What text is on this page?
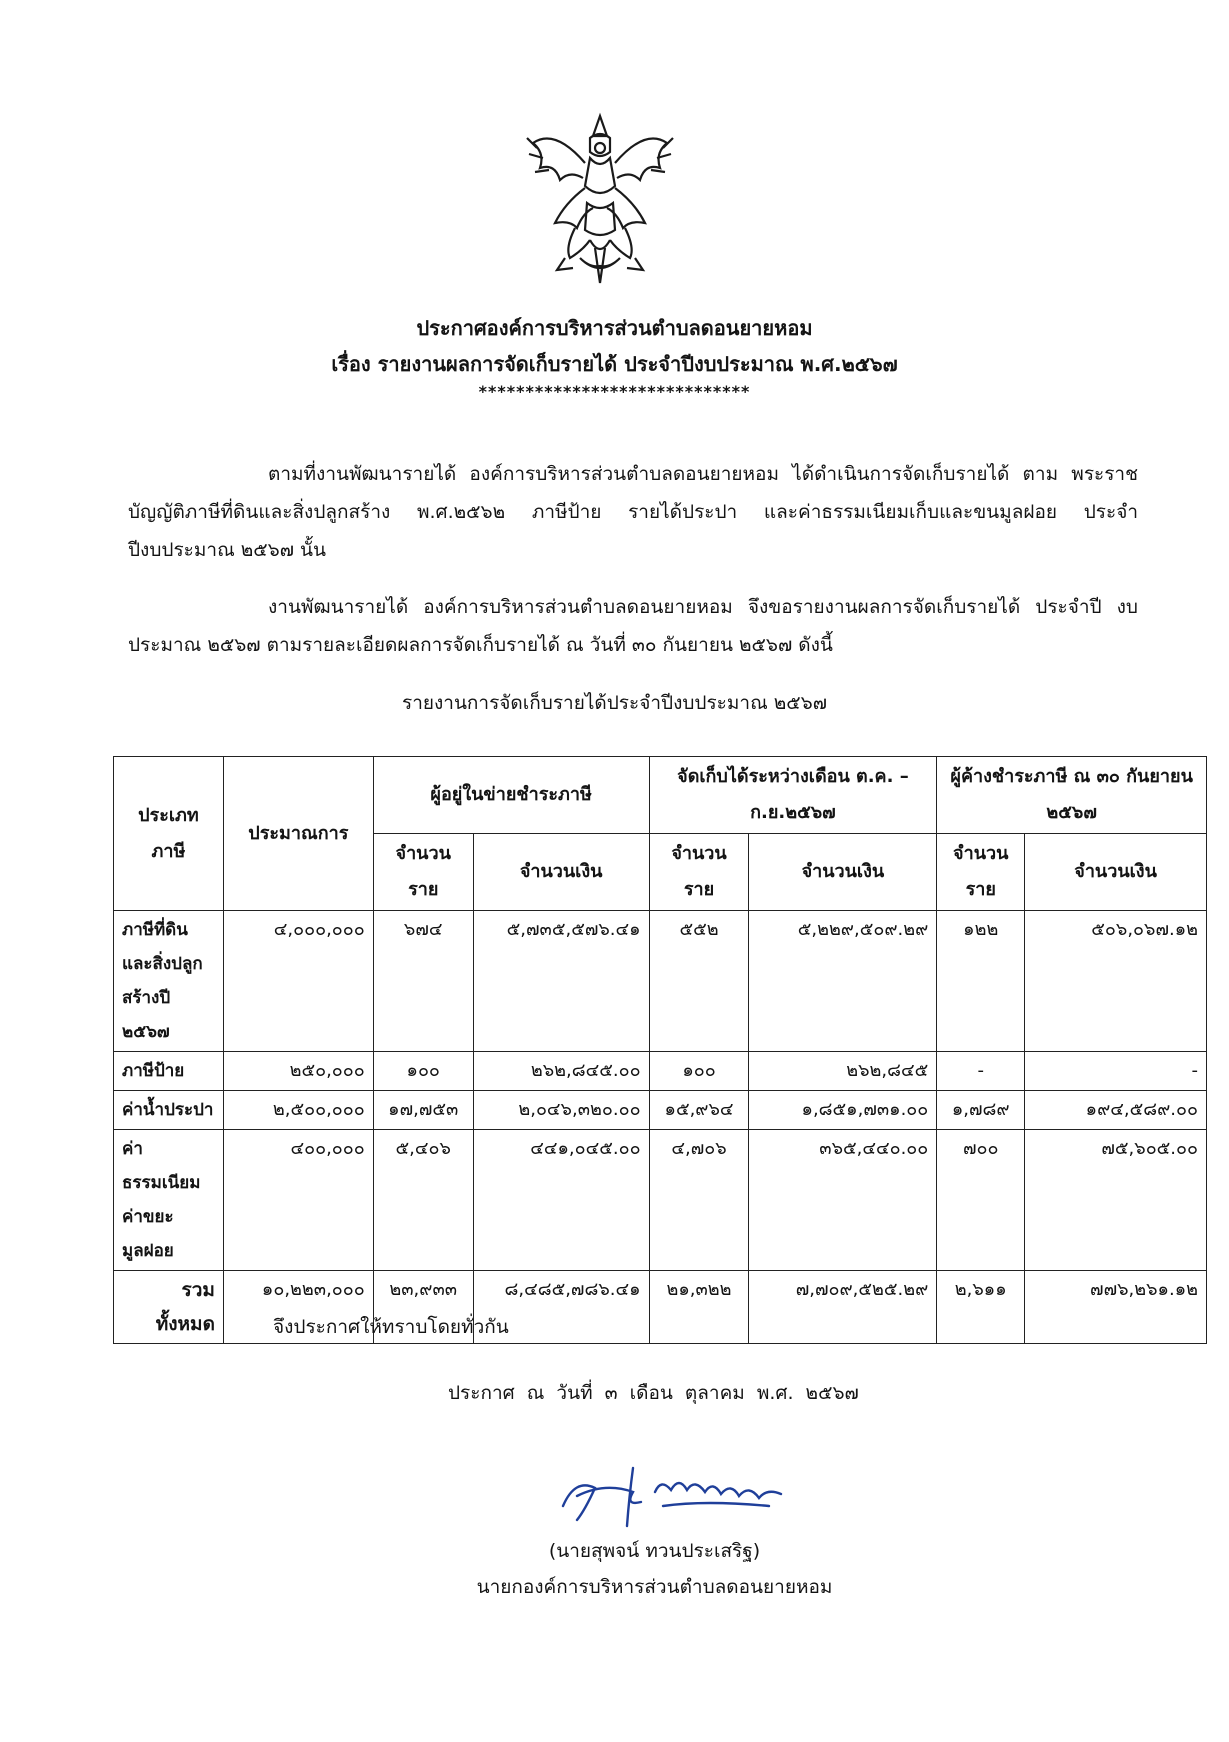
ประกาศองค์การบริหารส่วนตำบลดอนยายหอม
เรื่อง รายงานผลการจัดเก็บรายได้ ประจำปีงบประมาณ พ.ศ.๒๕๖๗
*****************************
ตามที่งานพัฒนารายได้ องค์การบริหารส่วนตำบลดอนยายหอม ได้ดำเนินการจัดเก็บรายได้ ตาม พระราชบัญญัติภาษีที่ดินและสิ่งปลูกสร้าง พ.ศ.๒๕๖๒ ภาษีป้าย รายได้ประปา และค่าธรรมเนียมเก็บและขนมูลฝอย ประจำปีงบประมาณ ๒๕๖๗ นั้น
งานพัฒนารายได้ องค์การบริหารส่วนตำบลดอนยายหอม จึงขอรายงานผลการจัดเก็บรายได้ ประจำปี งบประมาณ ๒๕๖๗ ตามรายละเอียดผลการจัดเก็บรายได้ ณ วันที่ ๓๐ กันยายน ๒๕๖๗ ดังนี้
รายงานการจัดเก็บรายได้ประจำปีงบประมาณ ๒๕๖๗
ประเภท ภาษี	ประมาณการ	ผู้อยู่ในข่ายชำระภาษี		จัดเก็บได้ระหว่างเดือน ต.ค. – ก.ย.๒๕๖๗		ผู้ค้างชำระภาษี ณ ๓๐ กันยายน ๒๕๖๗	
		จำนวน ราย	จำนวนเงิน	จำนวน ราย	จำนวนเงิน	จำนวน ราย	จำนวนเงิน
ภาษีที่ดินและสิ่งปลูกสร้างปี ๒๕๖๗	๔,๐๐๐,๐๐๐	๖๗๔	๕,๗๓๕,๕๗๖.๔๑	๕๕๒	๕,๒๒๙,๕๐๙.๒๙	๑๒๒	๕๐๖,๐๖๗.๑๒
ภาษีป้าย	๒๕๐,๐๐๐	๑๐๐	๒๖๒,๘๔๕.๐๐	๑๐๐	๒๖๒,๘๔๕	-	-
ค่าน้ำประปา	๒,๕๐๐,๐๐๐	๑๗,๗๕๓	๒,๐๔๖,๓๒๐.๐๐	๑๕,๙๖๔	๑,๘๕๑,๗๓๑.๐๐	๑,๗๘๙	๑๙๔,๕๘๙.๐๐
ค่าธรรมเนียมค่าขยะมูลฝอย	๔๐๐,๐๐๐	๕,๔๐๖	๔๔๑,๐๔๕.๐๐	๔,๗๐๖	๓๖๕,๔๔๐.๐๐	๗๐๐	๗๕,๖๐๕.๐๐
รวม ทั้งหมด	๑๐,๒๒๓,๐๐๐	๒๓,๙๓๓	๘,๔๘๕,๗๘๖.๔๑	๒๑,๓๒๒	๗,๗๐๙,๕๒๕.๒๙	๒,๖๑๑	๗๗๖,๒๖๑.๑๒
จึงประกาศให้ทราบโดยทั่วกัน
ประกาศ ณ วันที่ ๓ เดือน ตุลาคม พ.ศ. ๒๕๖๗
(นายสุพจน์ ทวนประเสริฐ)
นายกองค์การบริหารส่วนตำบลดอนยายหอม
